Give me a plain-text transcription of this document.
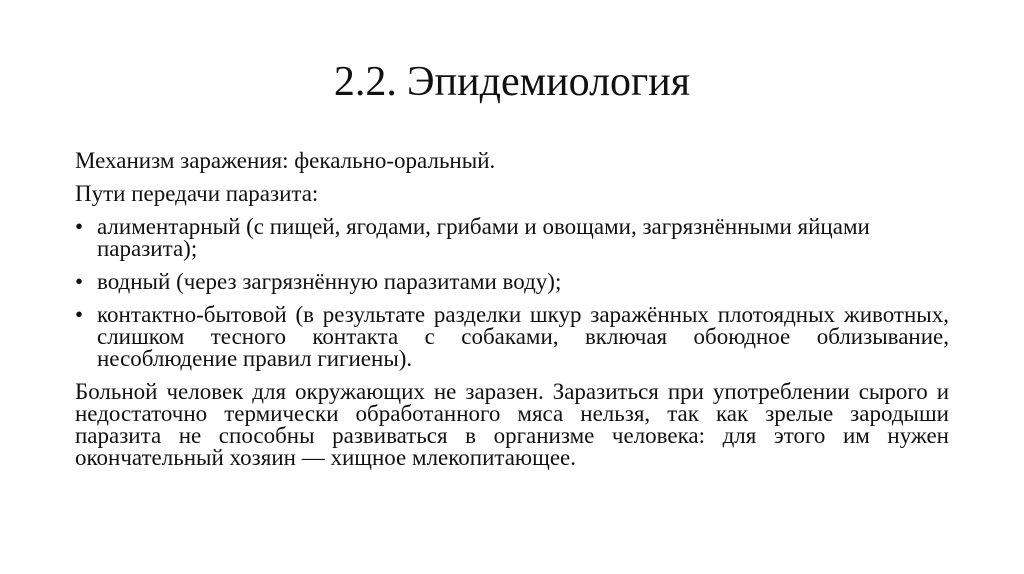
2.2. Эпидемиология

Механизм заражения: фекально-оральный.

Пути передачи паразита:

• алиментарный (с пищей, ягодами, грибами и овощами, загрязнёнными яйцами паразита);
• водный (через загрязнённую паразитами воду);
• контактно-бытовой (в результате разделки шкур заражённых плотоядных животных, слишком тесного контакта с собаками, включая обоюдное облизывание, несоблюдение правил гигиены).

Больной человек для окружающих не заразен. Заразиться при употреблении сырого и недостаточно термически обработанного мяса нельзя, так как зрелые зародыши паразита не способны развиваться в организме человека: для этого им нужен окончательный хозяин — хищное млекопитающее.
